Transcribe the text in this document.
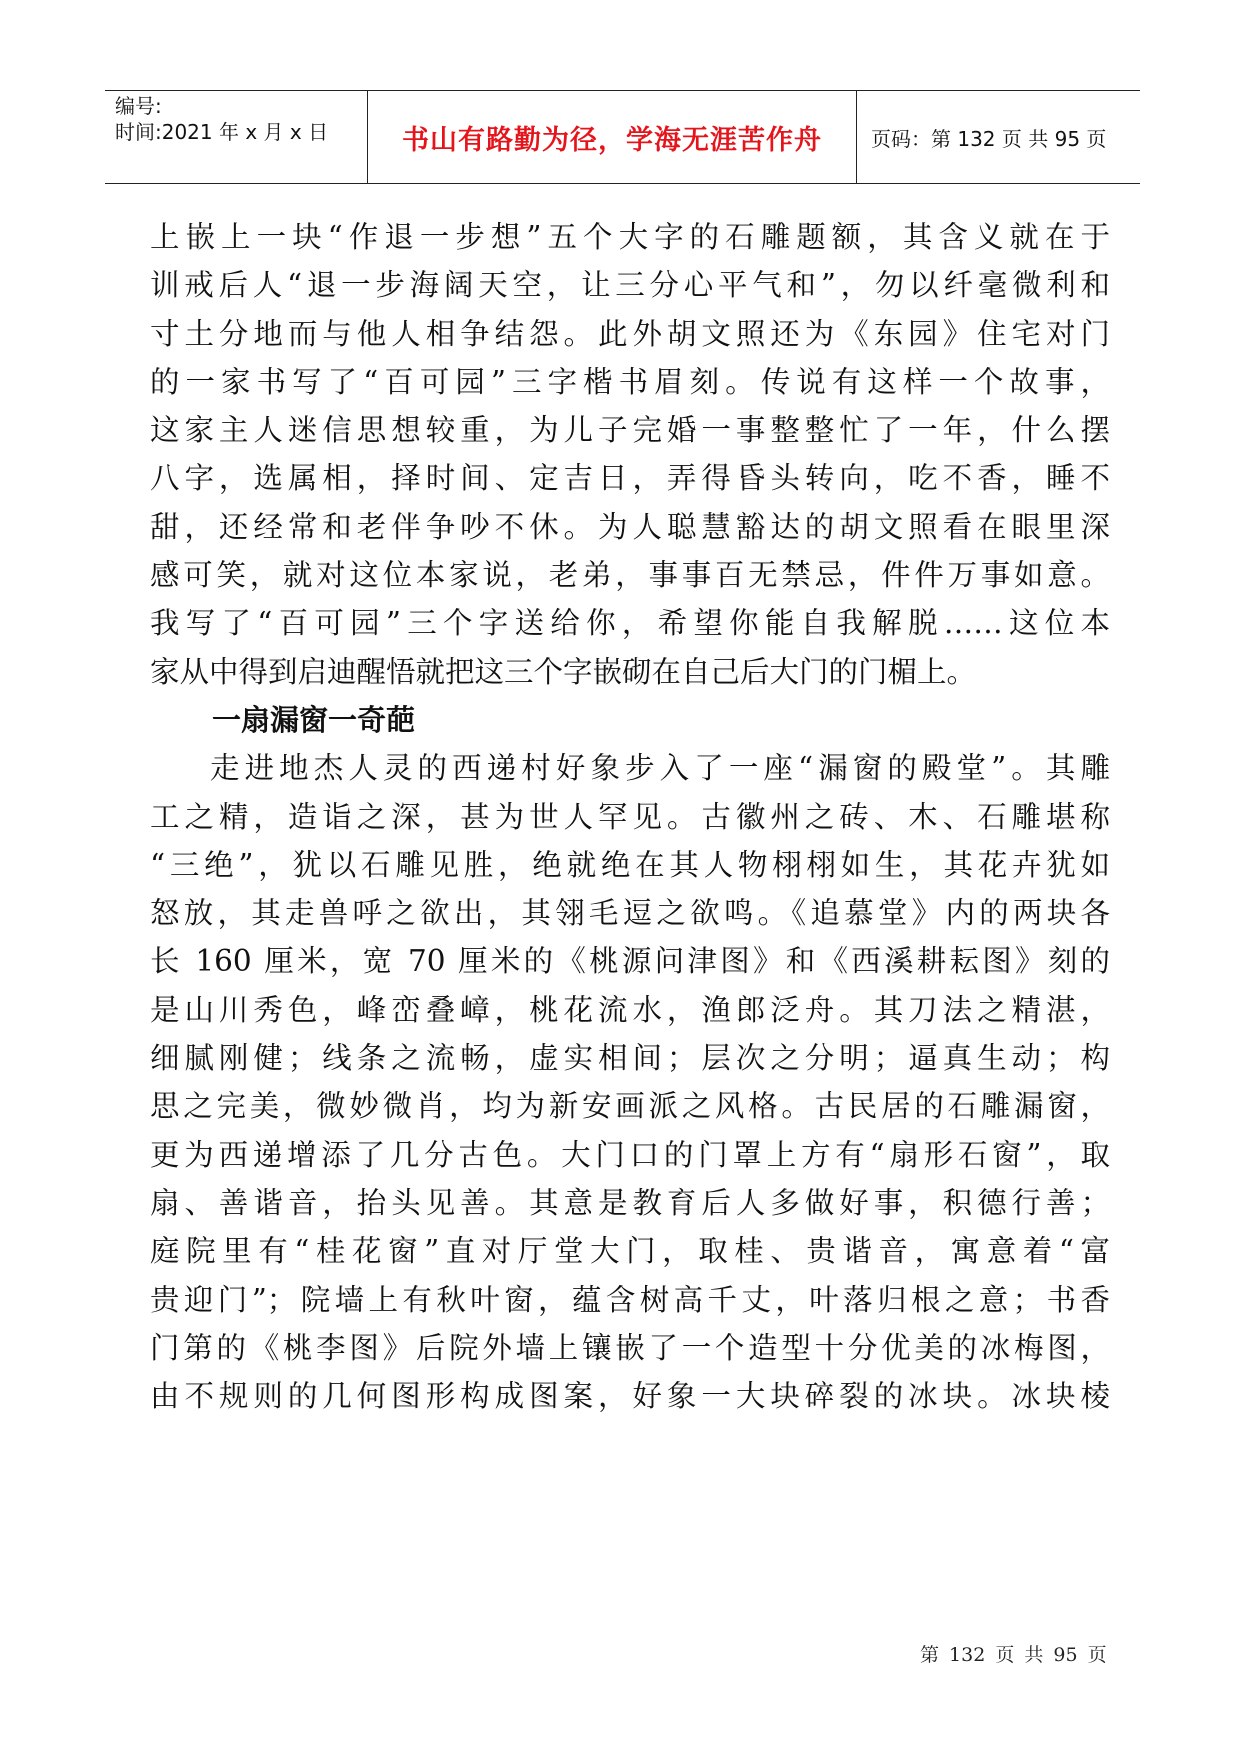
编号:
时间:2021 年 x 月 x 日	书山有路勤为径，学海无涯苦作舟 页码：第 132 页 共 95 页
上嵌上一块“作退一步想”五个大字的石雕题额，其含义就在于
训戒后人“退一步海阔天空，让三分心平气和”，勿以纤毫微利和
寸土分地而与他人相争结怨。此外胡文照还为《东园》住宅对门
的一家书写了“百可园”三字楷书眉刻。传说有这样一个故事，
这家主人迷信思想较重，为儿子完婚一事整整忙了一年，什么摆
八字，选属相，择时间、定吉日，弄得昏头转向，吃不香，睡不
甜，还经常和老伴争吵不休。为人聪慧豁达的胡文照看在眼里深
感可笑，就对这位本家说，老弟，事事百无禁忌，件件万事如意。
我写了“百可园”三个字送给你，希望你能自我解脱……这位本
家从中得到启迪醒悟就把这三个字嵌砌在自己后大门的门楣上。
一扇漏窗一奇葩
走进地杰人灵的西递村好象步入了一座“漏窗的殿堂”。其雕
工之精，造诣之深，甚为世人罕见。古徽州之砖、木、石雕堪称
“三绝”，犹以石雕见胜，绝就绝在其人物栩栩如生，其花卉犹如
怒放，其走兽呼之欲出，其翎毛逗之欲鸣。《追慕堂》内的两块各
长 160 厘米，宽 70 厘米的《桃源问津图》和《西溪耕耘图》刻的
是山川秀色，峰峦叠嶂，桃花流水，渔郎泛舟。其刀法之精湛，
细腻刚健；线条之流畅，虚实相间；层次之分明；逼真生动；构
思之完美，微妙微肖，均为新安画派之风格。古民居的石雕漏窗，
更为西递增添了几分古色。大门口的门罩上方有“扇形石窗”，取
扇、善谐音，抬头见善。其意是教育后人多做好事，积德行善；
庭院里有“桂花窗”直对厅堂大门，取桂、贵谐音，寓意着“富
贵迎门”；院墙上有秋叶窗，蕴含树高千丈，叶落归根之意；书香
门第的《桃李图》后院外墙上镶嵌了一个造型十分优美的冰梅图，
由不规则的几何图形构成图案，好象一大块碎裂的冰块。冰块棱
第 132 页 共 95 页
